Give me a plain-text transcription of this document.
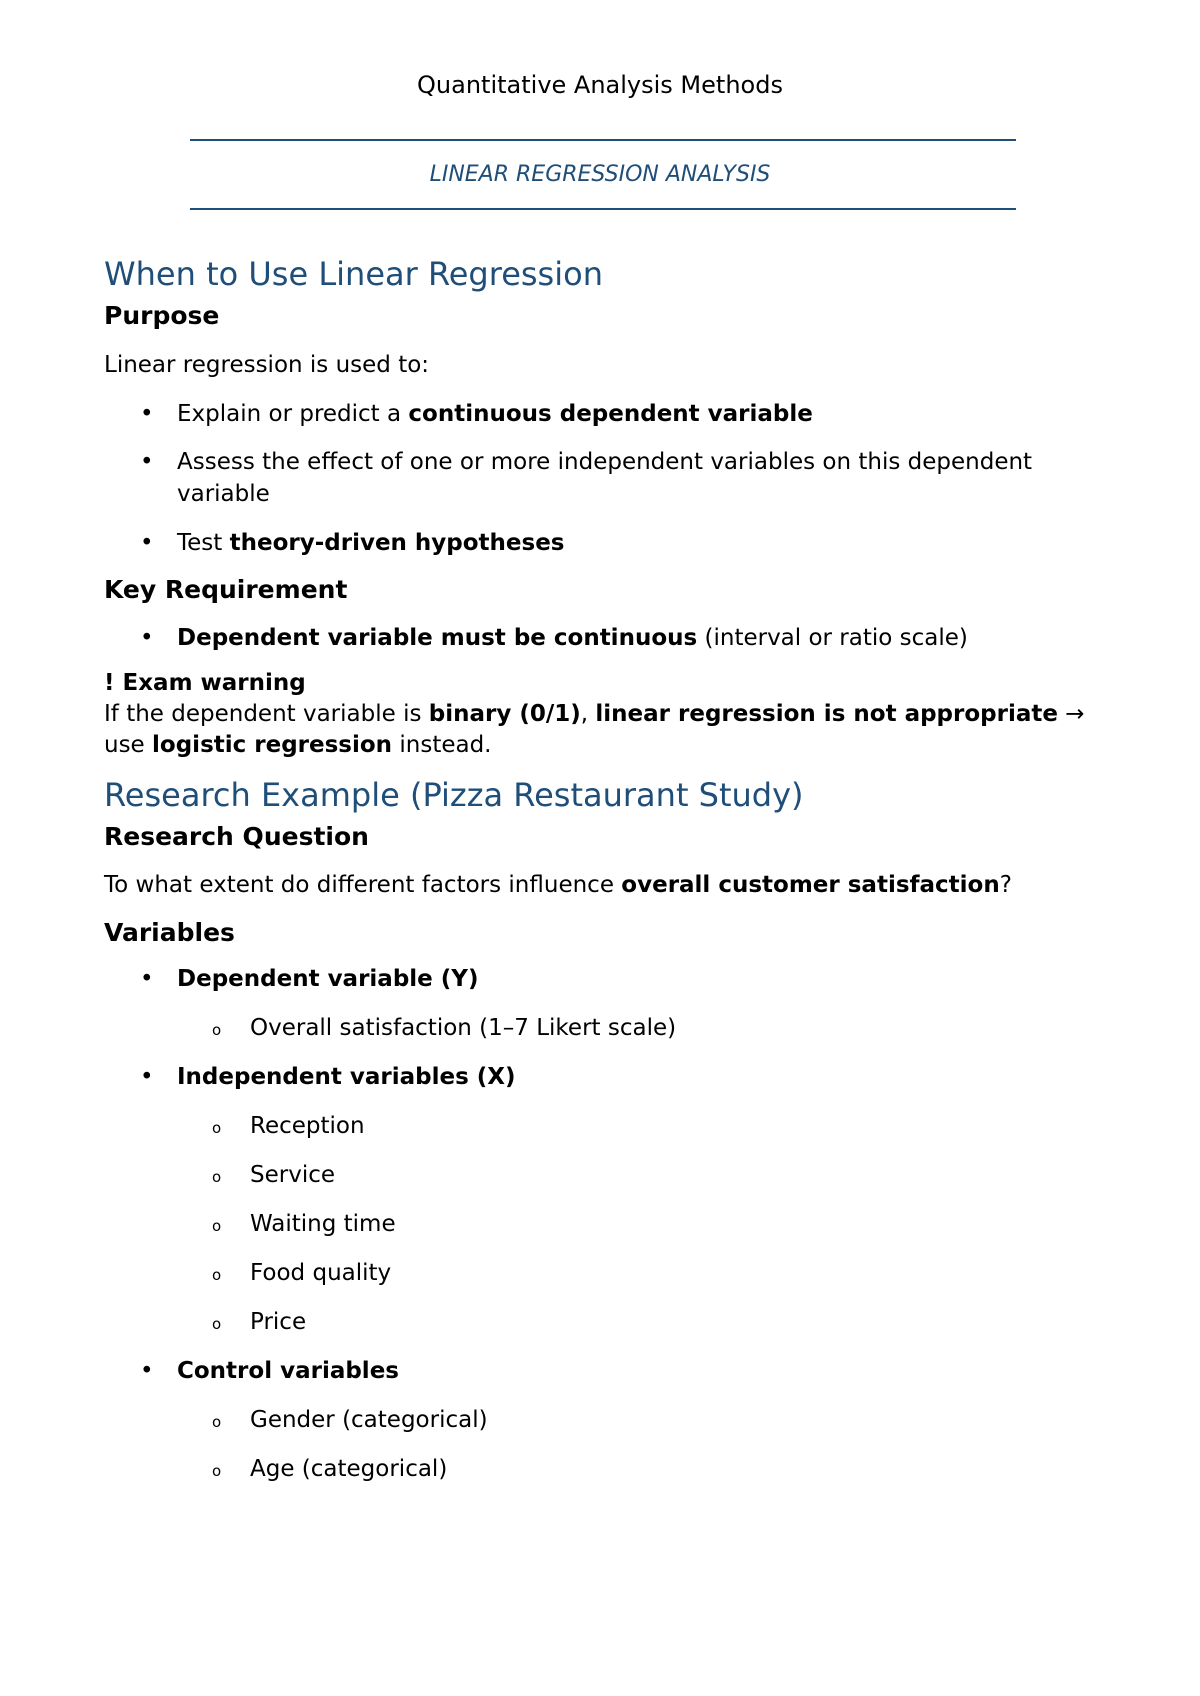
Quantitative Analysis Methods
LINEAR REGRESSION ANALYSIS
When to Use Linear Regression
Purpose

Linear regression is used to:

• Explain or predict a continuous dependent variable
• Assess the effect of one or more independent variables on this dependent variable
• Test theory-driven hypotheses
Key Requirement
• Dependent variable must be continuous (interval or ratio scale)

! Exam warning

If the dependent variable is binary (0/1), linear regression is not appropriate → use logistic regression instead.

Research Example (Pizza Restaurant Study)
Research Question

To what extent do different factors influence overall customer satisfaction?

Variables
• Dependent variable (Y)
o Overall satisfaction (1–7 Likert scale)
• Independent variables (X)
o Reception
o Service
o Waiting time
o Food quality
o Price
• Control variables
o Gender (categorical)
o Age (categorical)
